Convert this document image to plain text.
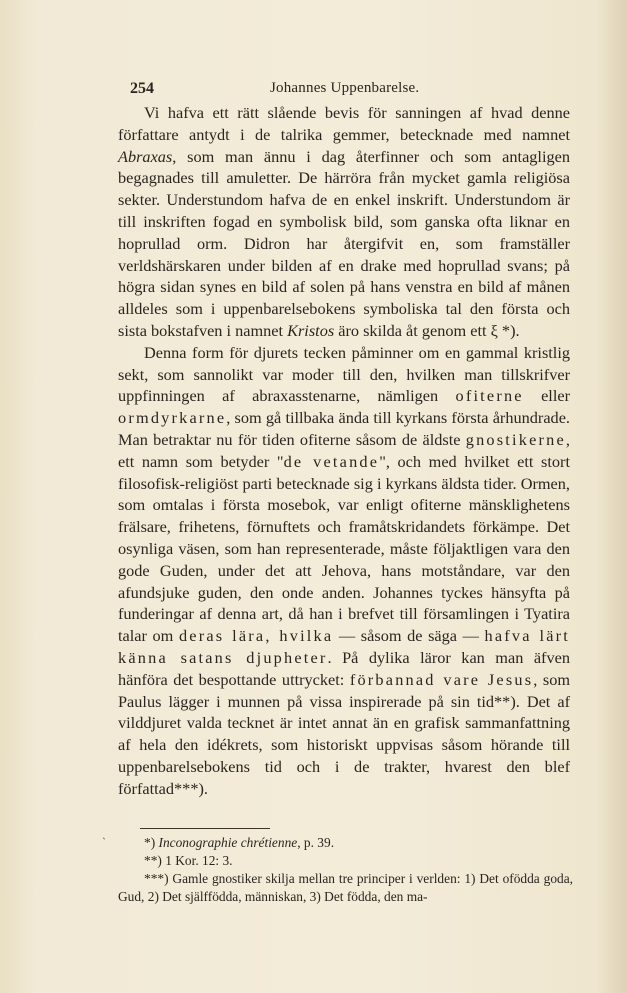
254	Johannes Uppenbarelse.

Vi hafva ett rätt slående bevis för sanningen af hvad denne författare antydt i de talrika gemmer, betecknade med namnet Abraxas, som man ännu i dag återfinner och som antagligen begagnades till amuletter. De härröra från mycket gamla religiösa sekter. Understundom hafva de en enkel inskrift. Understundom är till inskriften fogad en symbolisk bild, som ganska ofta liknar en hoprullad orm. Didron har återgifvit en, som framställer verldshärskaren under bilden af en drake med hoprullad svans; på högra sidan synes en bild af solen på hans venstra en bild af månen alldeles som i uppenbarelsebokens symboliska tal den första och sista bokstafven i namnet Kristos äro skilda åt genom ett ξ *).

Denna form för djurets tecken påminner om en gammal kristlig sekt, som sannolikt var moder till den, hvilken man tillskrifver uppfinningen af abraxasstenarne, nämligen ofiterne eller ormdyrkarne, som gå tillbaka ända till kyrkans första århundrade. Man betraktar nu för tiden ofiterne såsom de äldste gnostikerne, ett namn som betyder "de vetande", och med hvilket ett stort filosofisk-religiöst parti betecknade sig i kyrkans äldsta tider. Ormen, som omtalas i första mosebok, var enligt ofiterne mänsklighetens frälsare, frihetens, förnuftets och framåtskridandets förkämpe. Det osynliga väsen, som han representerade, måste följaktligen vara den gode Guden, under det att Jehova, hans motståndare, var den afundsjuke guden, den onde anden. Johannes tyckes hänsyfta på funderingar af denna art, då han i brefvet till församlingen i Tyatira talar om deras lära, hvilka — såsom de säga — hafva lärt känna satans djupheter. På dylika läror kan man äfven hänföra det bespottande uttrycket: förbannad vare Jesus, som Paulus lägger i munnen på vissa inspirerade på sin tid**). Det af vilddjuret valda tecknet är intet annat än en grafisk sammanfattning af hela den idékrets, som historiskt uppvisas såsom hörande till uppenbarelsebokens tid och i de trakter, hvarest den blef författad***).

ˎ
*) Inconographie chrétienne, p. 39.
**) 1 Kor. 12: 3.
***) Gamle gnostiker skilja mellan tre principer i verlden: 1) Det ofödda goda, Gud, 2) Det själffödda, människan, 3) Det födda, den ma-
